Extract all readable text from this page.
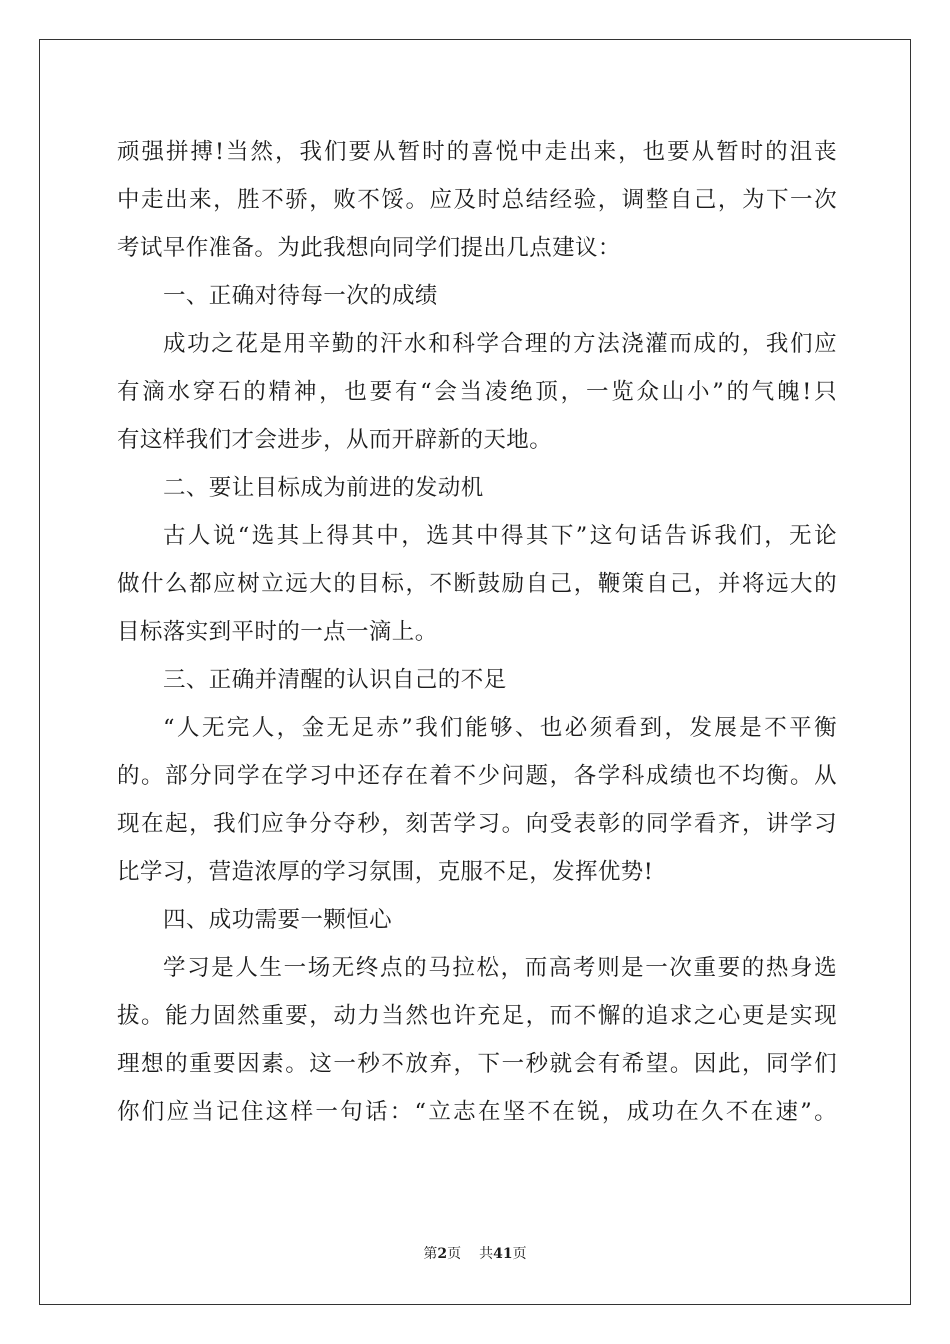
顽强拼搏!当然，我们要从暂时的喜悦中走出来，也要从暂时的沮丧
中走出来，胜不骄，败不馁。应及时总结经验，调整自己，为下一次
考试早作准备。为此我想向同学们提出几点建议：
一、正确对待每一次的成绩
成功之花是用辛勤的汗水和科学合理的方法浇灌而成的，我们应
有滴水穿石的精神，也要有“会当凌绝顶，一览众山小”的气魄!只
有这样我们才会进步，从而开辟新的天地。
二、要让目标成为前进的发动机
古人说“选其上得其中，选其中得其下”这句话告诉我们，无论
做什么都应树立远大的目标，不断鼓励自己，鞭策自己，并将远大的
目标落实到平时的一点一滴上。
三、正确并清醒的认识自己的不足
“人无完人，金无足赤”我们能够、也必须看到，发展是不平衡
的。部分同学在学习中还存在着不少问题，各学科成绩也不均衡。从
现在起，我们应争分夺秒，刻苦学习。向受表彰的同学看齐，讲学习
比学习，营造浓厚的学习氛围，克服不足，发挥优势!
四、成功需要一颗恒心
学习是人生一场无终点的马拉松，而高考则是一次重要的热身选
拔。能力固然重要，动力当然也许充足，而不懈的追求之心更是实现
理想的重要因素。这一秒不放弃，下一秒就会有希望。因此，同学们
你们应当记住这样一句话：“立志在坚不在锐，成功在久不在速”。
第2页 共41页
